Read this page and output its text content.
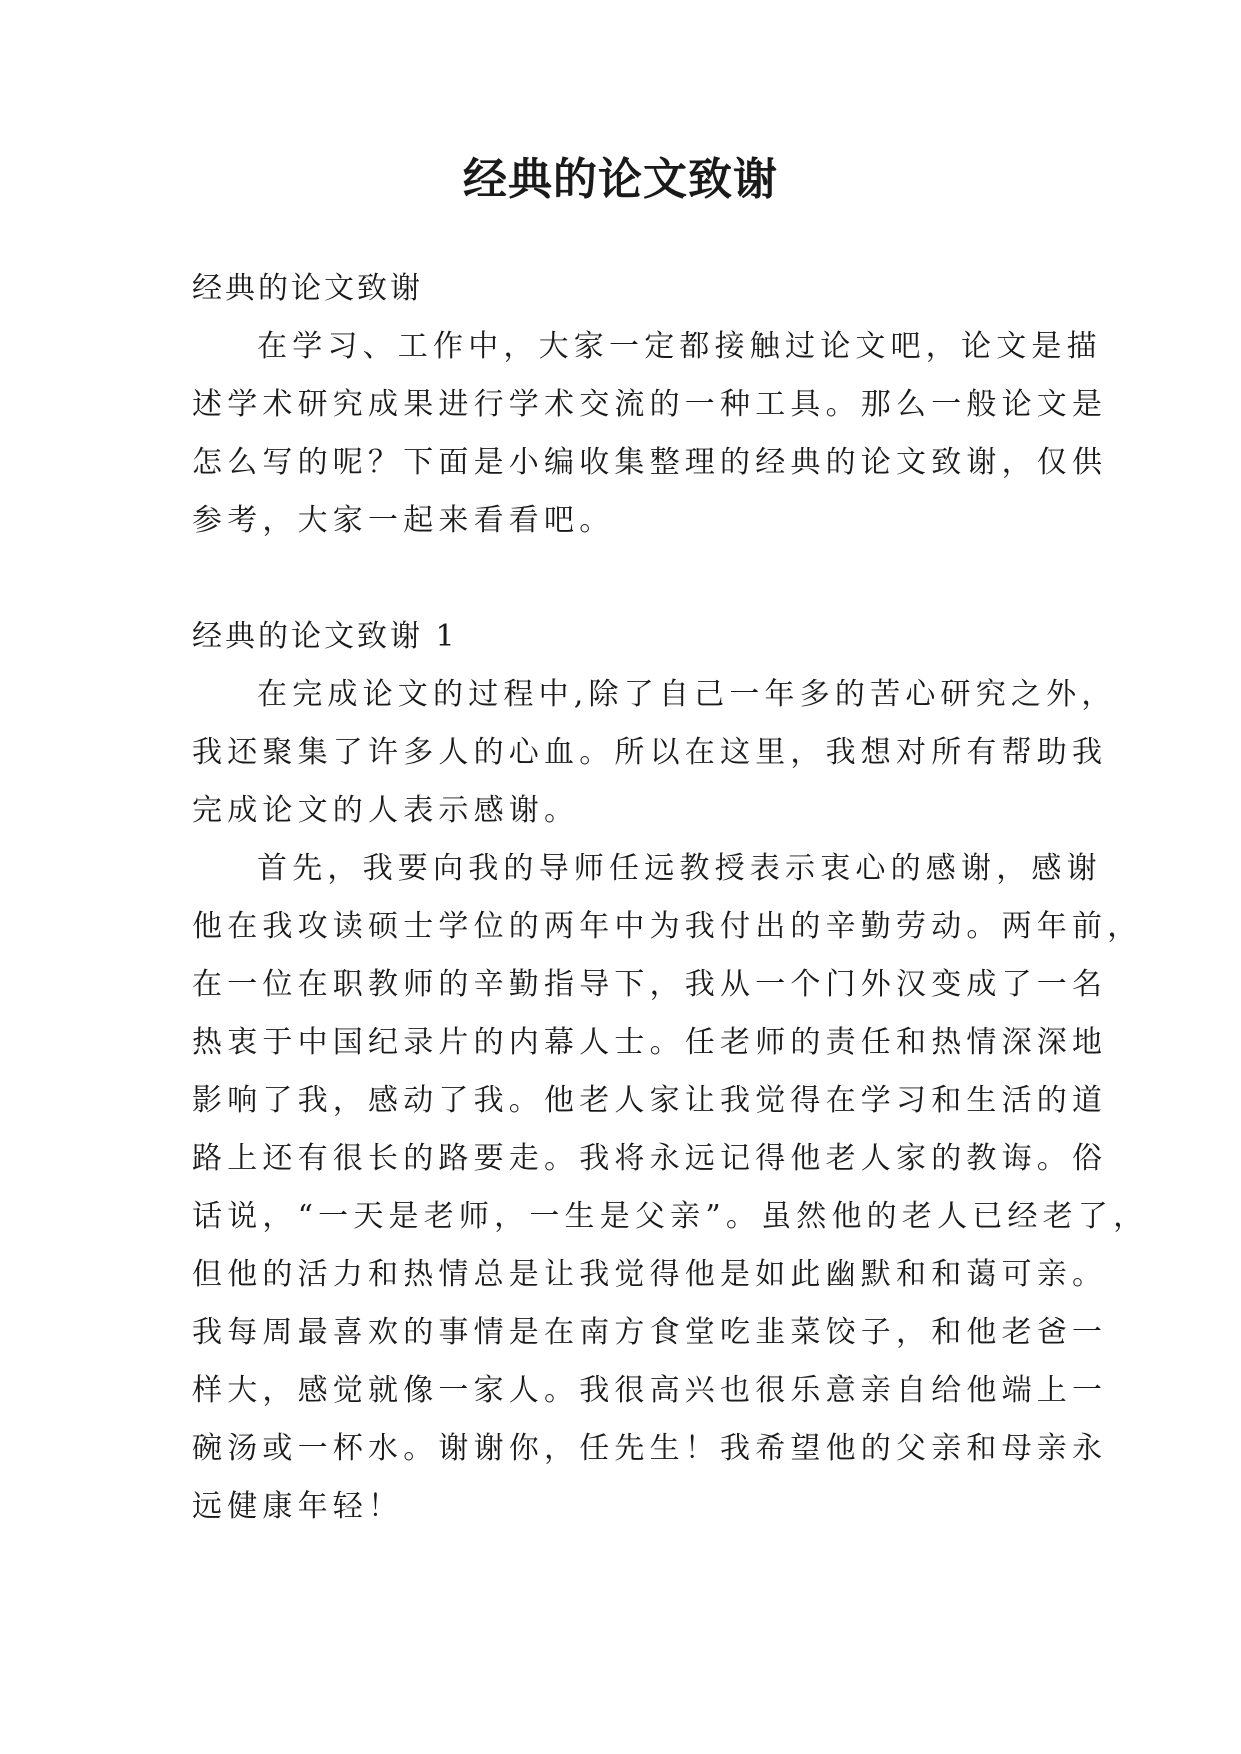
经典的论文致谢
经典的论文致谢
在学习、工作中，大家一定都接触过论文吧，论文是描
述学术研究成果进行学术交流的一种工具。那么一般论文是
怎么写的呢？下面是小编收集整理的经典的论文致谢，仅供
参考，大家一起来看看吧。
经典的论文致谢 1
在完成论文的过程中,除了自己一年多的苦心研究之外，
我还聚集了许多人的心血。所以在这里，我想对所有帮助我
完成论文的人表示感谢。
首先，我要向我的导师任远教授表示衷心的感谢，感谢
他在我攻读硕士学位的两年中为我付出的辛勤劳动。两年前，
在一位在职教师的辛勤指导下，我从一个门外汉变成了一名
热衷于中国纪录片的内幕人士。任老师的责任和热情深深地
影响了我，感动了我。他老人家让我觉得在学习和生活的道
路上还有很长的路要走。我将永远记得他老人家的教诲。俗
话说，“一天是老师，一生是父亲”。虽然他的老人已经老了，
但他的活力和热情总是让我觉得他是如此幽默和和蔼可亲。
我每周最喜欢的事情是在南方食堂吃韭菜饺子，和他老爸一
样大，感觉就像一家人。我很高兴也很乐意亲自给他端上一
碗汤或一杯水。谢谢你，任先生！我希望他的父亲和母亲永
远健康年轻！
